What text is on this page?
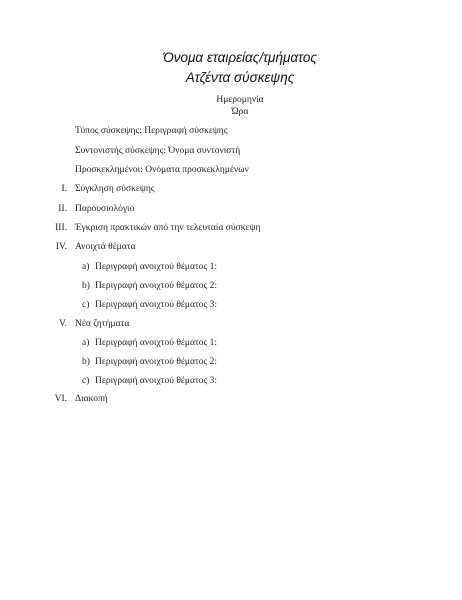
Όνομα εταιρείας/τμήματος
Ατζέντα σύσκεψης
Ημερομηνία
Ώρα
Τύπος σύσκεψης: Περιγραφή σύσκεψης
Συντονιστής σύσκεψης: Όνομα συντονιστή
Προσκεκλημένοι: Ονόματα προσκεκλημένων
I. Σύγκληση σύσκεψης
II. Παρουσιολόγιο
III. Έγκριση πρακτικών από την τελευταία σύσκεψη
IV. Ανοιχτά θέματα
a) Περιγραφή ανοιχτού θέματος 1:
b) Περιγραφή ανοιχτού θέματος 2:
c) Περιγραφή ανοιχτού θέματος 3:
V. Νέα ζητήματα
a) Περιγραφή ανοιχτού θέματος 1:
b) Περιγραφή ανοιχτού θέματος 2:
c) Περιγραφή ανοιχτού θέματος 3:
VI. Διακοπή
